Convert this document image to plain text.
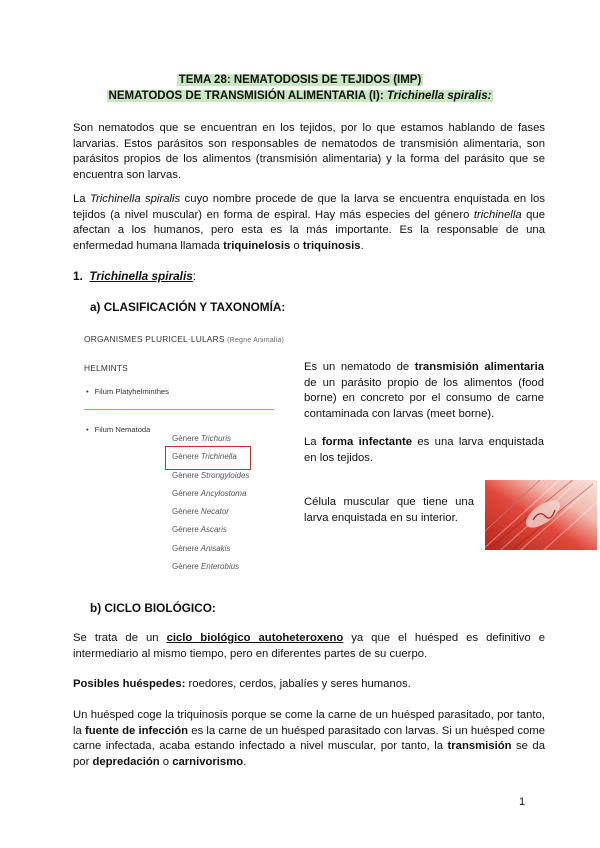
TEMA 28: NEMATODOSIS DE TEJIDOS (IMP)
NEMATODOS DE TRANSMISIÓN ALIMENTARIA (I): Trichinella spiralis:
Son nematodos que se encuentran en los tejidos, por lo que estamos hablando de fases larvarias. Estos parásitos son responsables de nematodos de transmisión alimentaria, son parásitos propios de los alimentos (transmisión alimentaria) y la forma del parásito que se encuentra son larvas.
La Trichinella spiralis cuyo nombre procede de que la larva se encuentra enquistada en los tejidos (a nivel muscular) en forma de espiral. Hay más especies del género trichinella que afectan a los humanos, pero esta es la más importante. Es la responsable de una enfermedad humana llamada triquinelosis o triquinosis.
1. Trichinella spiralis:
a) CLASIFICACIÓN Y TAXONOMÍA:
ORGANISMES PLURICEL·LULARS (Regne Animalia)
HELMINTS
• Filum Platyhelminthes
• Filum Nematoda
Gènere Trichuris
Gènere Trichinella
Gènere Strongyloides
Gènere Ancylostoma
Gènere Necator
Gènere Ascaris
Gènere Anisakis
Gènere Enterobius
Es un nematodo de transmisión alimentaria de un parásito propio de los alimentos (food borne) en concreto por el consumo de carne contaminada con larvas (meet borne).
La forma infectante es una larva enquistada en los tejidos.
Célula muscular que tiene una larva enquistada en su interior.
b) CICLO BIOLÓGICO:
Se trata de un ciclo biológico autoheteroxeno ya que el huésped es definitivo e intermediario al mismo tiempo, pero en diferentes partes de su cuerpo.
Posibles huéspedes: roedores, cerdos, jabalíes y seres humanos.
Un huésped coge la triquinosis porque se come la carne de un huésped parasitado, por tanto, la fuente de infección es la carne de un huésped parasitado con larvas. Si un huésped come carne infectada, acaba estando infectado a nivel muscular, por tanto, la transmisión se da por depredación o carnivorismo.
1
